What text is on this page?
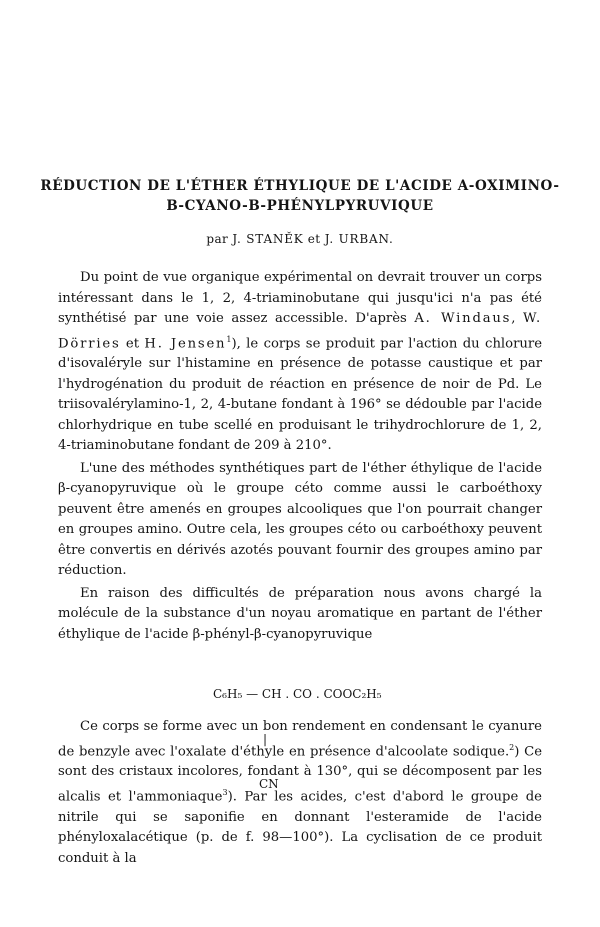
RÉDUCTION DE L'ÉTHER ÉTHYLIQUE DE L'ACIDE Α-OXIMINO-
Β-CYANO-Β-PHÉNYLPYRUVIQUE
par J. STANĚK et J. URBAN.

Du point de vue organique expérimental on devrait trouver un corps intéressant dans le 1, 2, 4-triaminobutane qui jusqu'ici n'a pas été synthétisé par une voie assez accessible. D'après A. Windaus, W. Dörries et H. Jensen$^1$), le corps se produit par l'action du chlorure d'isovaléryle sur l'histamine en présence de potasse caustique et par l'hydrogénation du produit de réaction en présence de noir de Pd. Le triisovalérylamino-1, 2, 4-butane fondant à 196° se dédouble par l'acide chlorhydrique en tube scellé en produisant le trihydrochlorure de 1, 2, 4-triaminobutane fondant de 209 à 210°.

L'une des méthodes synthétiques part de l'éther éthylique de l'acide β-cyanopyruvique où le groupe céto comme aussi le carboéthoxy peuvent être amenés en groupes alcooliques que l'on pourrait changer en groupes amino. Outre cela, les groupes céto ou carboéthoxy peuvent être convertis en dérivés azotés pouvant fournir des groupes amino par réduction.

En raison des difficultés de préparation nous avons chargé la molécule de la substance d'un noyau aromatique en partant de l'éther éthylique de l'acide β-phényl-β-cyanopyruvique

C₆H₅ — CH . CO . COOC₂H₅

|

CN

Ce corps se forme avec un bon rendement en condensant le cyanure de benzyle avec l'oxalate d'éthyle en présence d'alcoolate sodique.$^2$) Ce sont des cristaux incolores, fondant à 130°, qui se décomposent par les alcalis et l'ammoniaque$^3$). Par les acides, c'est d'abord le groupe de nitrile qui se saponifie en donnant l'esteramide de l'acide phényloxalacétique (p. de f. 98—100°). La cyclisation de ce produit conduit à la
